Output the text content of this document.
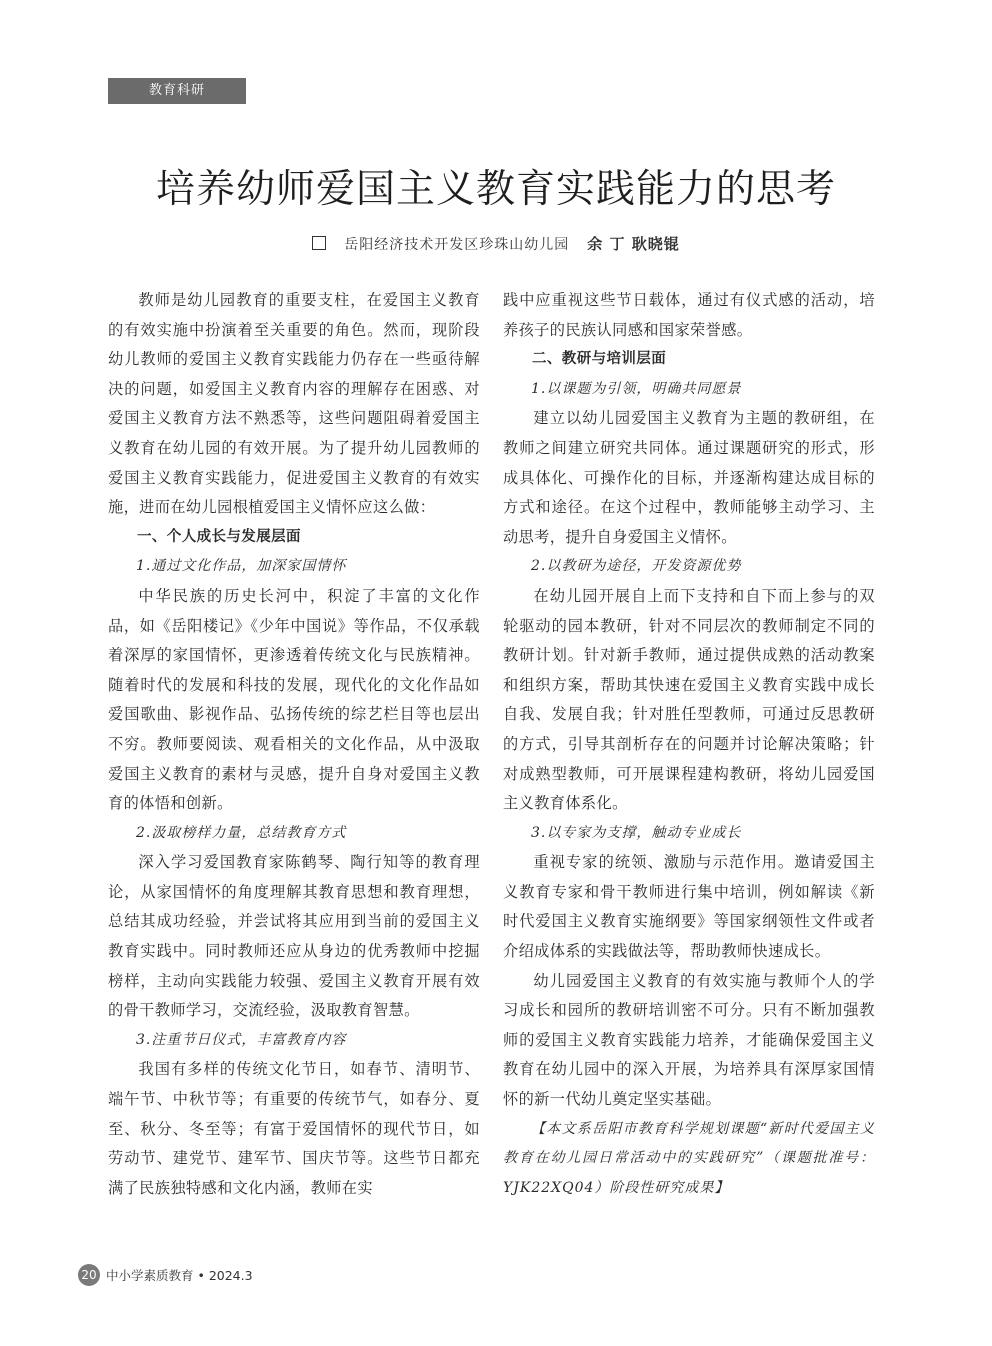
教育科研
培养幼师爱国主义教育实践能力的思考
岳阳经济技术开发区珍珠山幼儿园 余 丁 耿晓锟

教师是幼儿园教育的重要支柱，在爱国主义教育的有效实施中扮演着至关重要的角色。然而，现阶段幼儿教师的爱国主义教育实践能力仍存在一些亟待解决的问题，如爱国主义教育内容的理解存在困惑、对爱国主义教育方法不熟悉等，这些问题阻碍着爱国主义教育在幼儿园的有效开展。为了提升幼儿园教师的爱国主义教育实践能力，促进爱国主义教育的有效实施，进而在幼儿园根植爱国主义情怀应这么做：

一、个人成长与发展层面
1.通过文化作品，加深家国情怀

中华民族的历史长河中，积淀了丰富的文化作品，如《岳阳楼记》《少年中国说》等作品，不仅承载着深厚的家国情怀，更渗透着传统文化与民族精神。随着时代的发展和科技的发展，现代化的文化作品如爱国歌曲、影视作品、弘扬传统的综艺栏目等也层出不穷。教师要阅读、观看相关的文化作品，从中汲取爱国主义教育的素材与灵感，提升自身对爱国主义教育的体悟和创新。

2.汲取榜样力量，总结教育方式

深入学习爱国教育家陈鹤琴、陶行知等的教育理论，从家国情怀的角度理解其教育思想和教育理想，总结其成功经验，并尝试将其应用到当前的爱国主义教育实践中。同时教师还应从身边的优秀教师中挖掘榜样，主动向实践能力较强、爱国主义教育开展有效的骨干教师学习，交流经验，汲取教育智慧。

3.注重节日仪式，丰富教育内容

我国有多样的传统文化节日，如春节、清明节、端午节、中秋节等；有重要的传统节气，如春分、夏至、秋分、冬至等；有富于爱国情怀的现代节日，如劳动节、建党节、建军节、国庆节等。这些节日都充满了民族独特感和文化内涵，教师在实

践中应重视这些节日载体，通过有仪式感的活动，培养孩子的民族认同感和国家荣誉感。

二、教研与培训层面
1.以课题为引领，明确共同愿景

建立以幼儿园爱国主义教育为主题的教研组，在教师之间建立研究共同体。通过课题研究的形式，形成具体化、可操作化的目标，并逐渐构建达成目标的方式和途径。在这个过程中，教师能够主动学习、主动思考，提升自身爱国主义情怀。

2.以教研为途径，开发资源优势

在幼儿园开展自上而下支持和自下而上参与的双轮驱动的园本教研，针对不同层次的教师制定不同的教研计划。针对新手教师，通过提供成熟的活动教案和组织方案，帮助其快速在爱国主义教育实践中成长自我、发展自我；针对胜任型教师，可通过反思教研的方式，引导其剖析存在的问题并讨论解决策略；针对成熟型教师，可开展课程建构教研，将幼儿园爱国主义教育体系化。

3.以专家为支撑，触动专业成长

重视专家的统领、激励与示范作用。邀请爱国主义教育专家和骨干教师进行集中培训，例如解读《新时代爱国主义教育实施纲要》等国家纲领性文件或者介绍成体系的实践做法等，帮助教师快速成长。

幼儿园爱国主义教育的有效实施与教师个人的学习成长和园所的教研培训密不可分。只有不断加强教师的爱国主义教育实践能力培养，才能确保爱国主义教育在幼儿园中的深入开展，为培养具有深厚家国情怀的新一代幼儿奠定坚实基础。

【本文系岳阳市教育科学规划课题“新时代爱国主义教育在幼儿园日常活动中的实践研究”（课题批准号：YJK22XQ04）阶段性研究成果】

20 中小学素质教育 • 2024.3
